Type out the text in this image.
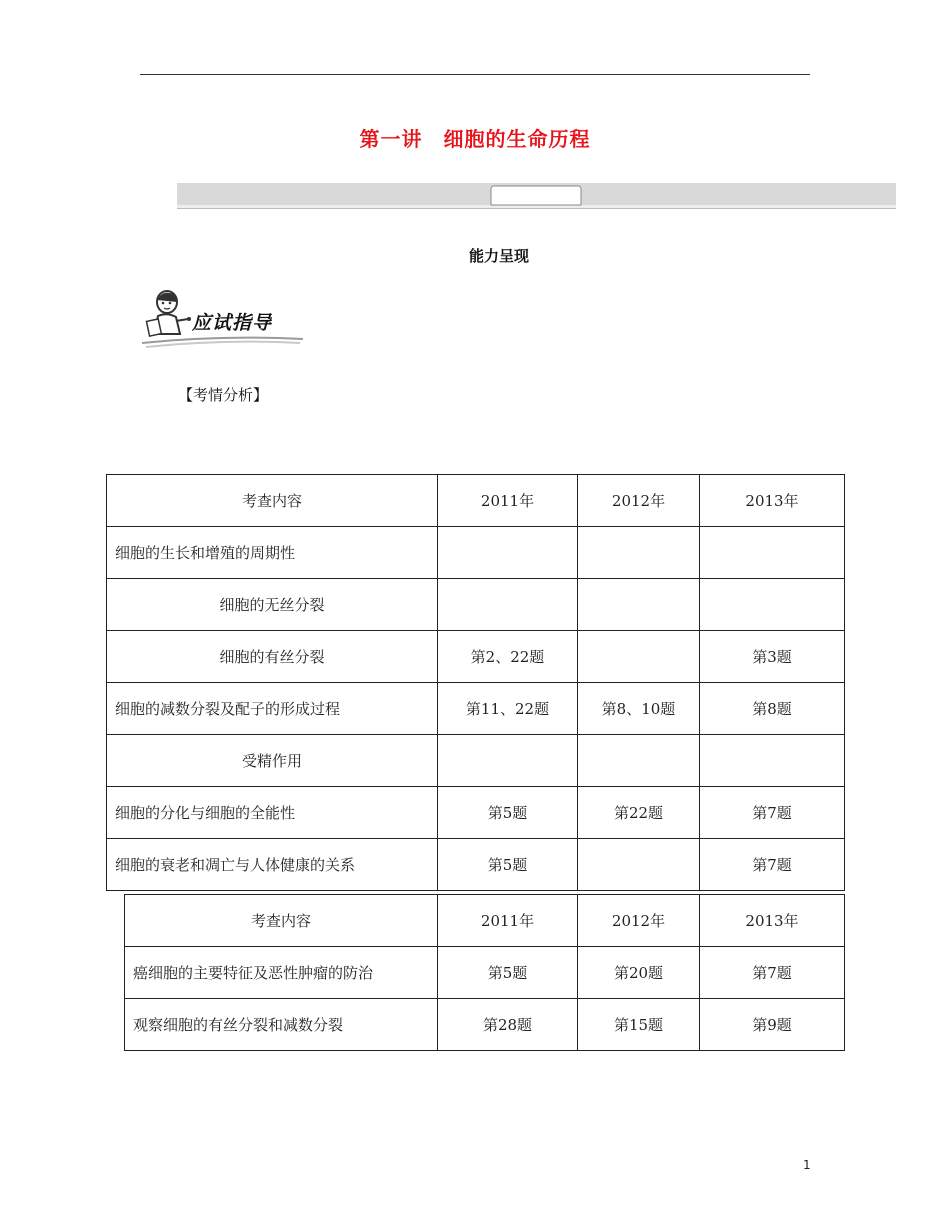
第一讲　细胞的生命历程
能力呈现
应试指导
【考情分析】
考查内容	2011年	2012年	2013年
细胞的生长和增殖的周期性			
细胞的无丝分裂			
细胞的有丝分裂	第2、22题		第3题
细胞的减数分裂及配子的形成过程	第11、22题	第8、10题	第8题
受精作用			
细胞的分化与细胞的全能性	第5题	第22题	第7题
细胞的衰老和凋亡与人体健康的关系	第5题		第7题
考查内容	2011年	2012年	2013年
癌细胞的主要特征及恶性肿瘤的防治	第5题	第20题	第7题
观察细胞的有丝分裂和减数分裂	第28题	第15题	第9题
1
